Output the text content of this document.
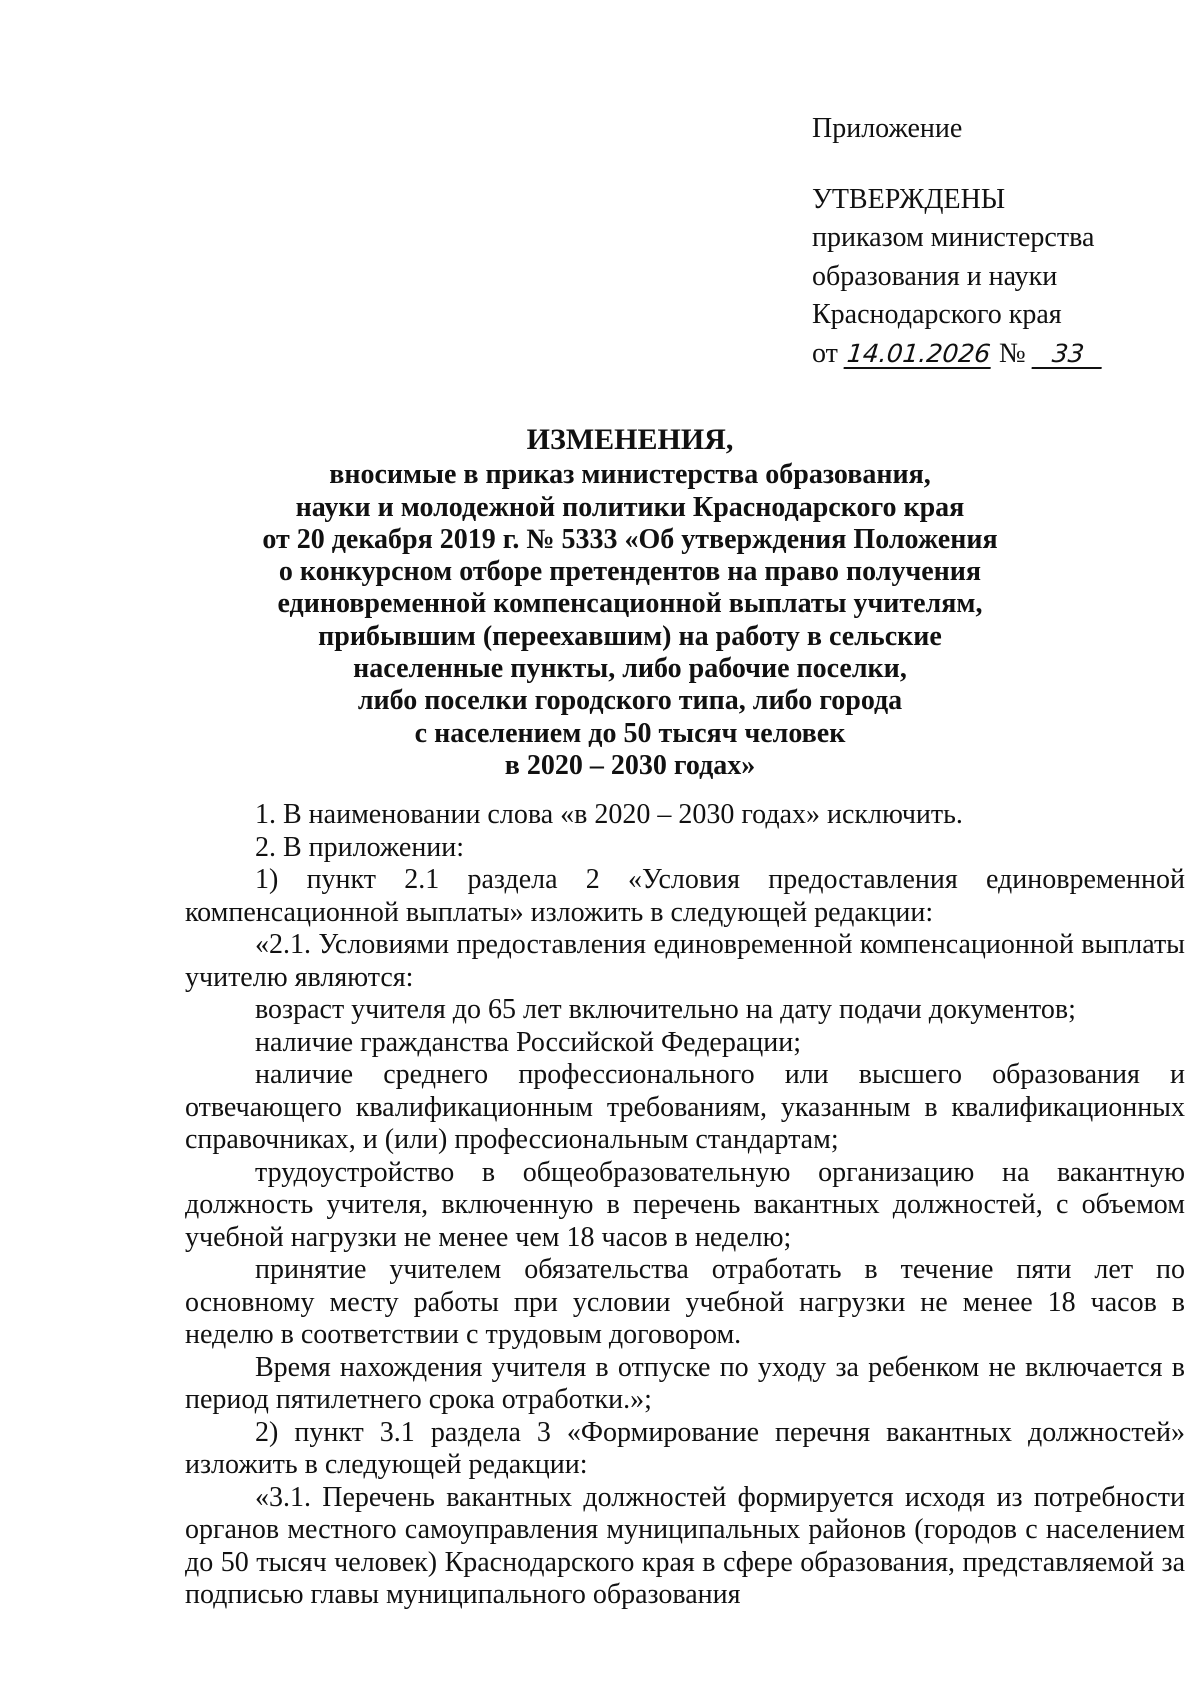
Приложение
УТВЕРЖДЕНЫ
приказом министерства
образования и науки
Краснодарского края
от 14.01.2026 № 33
ИЗМЕНЕНИЯ,
вносимые в приказ министерства образования,
науки и молодежной политики Краснодарского края
от 20 декабря 2019 г. № 5333 «Об утверждения Положения
о конкурсном отборе претендентов на право получения
единовременной компенсационной выплаты учителям,
прибывшим (переехавшим) на работу в сельские
населенные пункты, либо рабочие поселки,
либо поселки городского типа, либо города
с населением до 50 тысяч человек
в 2020 – 2030 годах»

1. В наименовании слова «в 2020 – 2030 годах» исключить.

2. В приложении:

1) пункт 2.1 раздела 2 «Условия предоставления единовременной компенсационной выплаты» изложить в следующей редакции:

«2.1. Условиями предоставления единовременной компенсационной выплаты учителю являются:

возраст учителя до 65 лет включительно на дату подачи документов;

наличие гражданства Российской Федерации;

наличие среднего профессионального или высшего образования и отвечающего квалификационным требованиям, указанным в квалификационных справочниках, и (или) профессиональным стандартам;

трудоустройство в общеобразовательную организацию на вакантную должность учителя, включенную в перечень вакантных должностей, с объемом учебной нагрузки не менее чем 18 часов в неделю;

принятие учителем обязательства отработать в течение пяти лет по основному месту работы при условии учебной нагрузки не менее 18 часов в неделю в соответствии с трудовым договором.

Время нахождения учителя в отпуске по уходу за ребенком не включается в период пятилетнего срока отработки.»;

2) пункт 3.1 раздела 3 «Формирование перечня вакантных должностей» изложить в следующей редакции:

«3.1. Перечень вакантных должностей формируется исходя из потребности органов местного самоуправления муниципальных районов (городов с населением до 50 тысяч человек) Краснодарского края в сфере образования, представляемой за подписью главы муниципального образования
